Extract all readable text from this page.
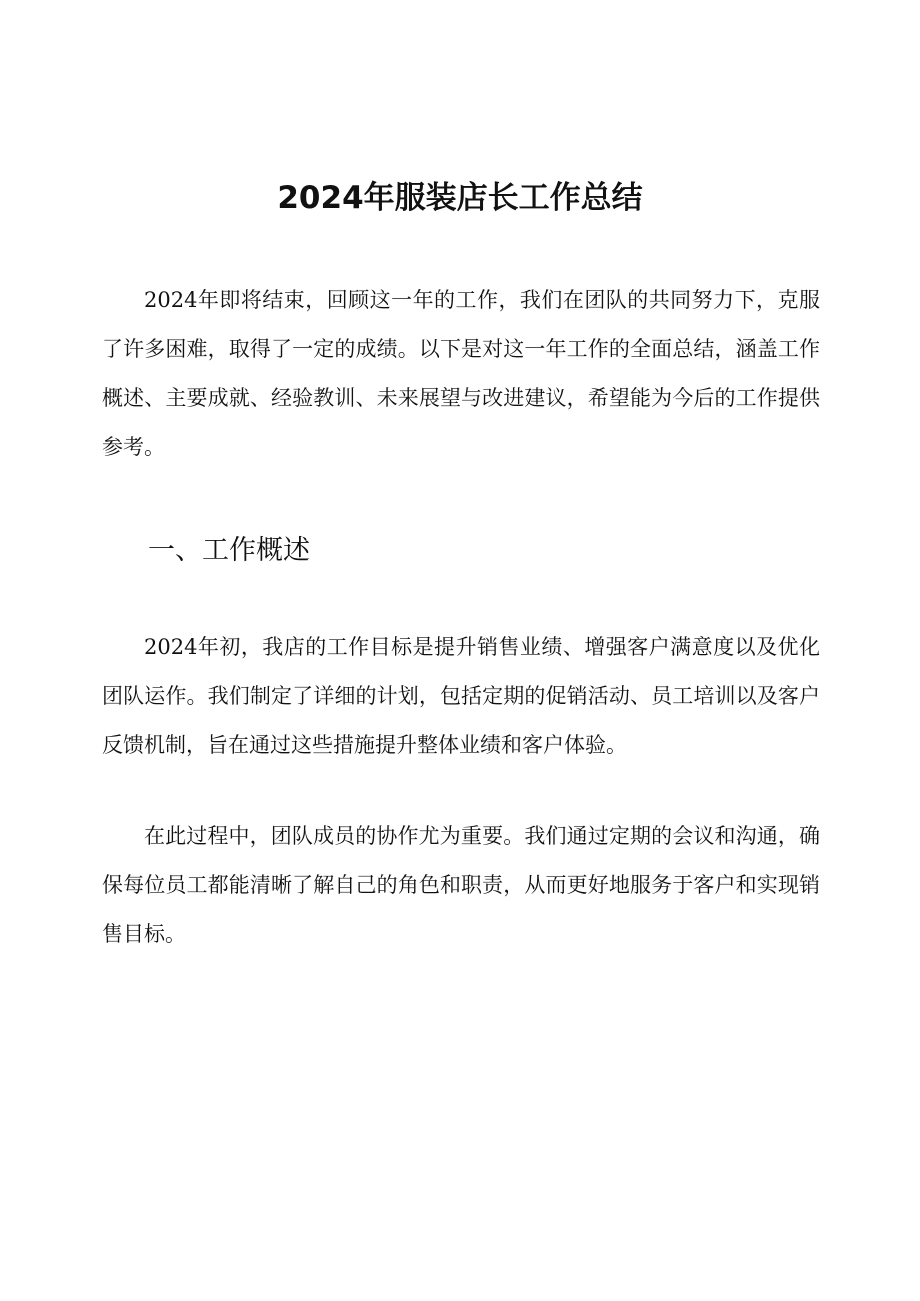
2024年服装店长工作总结

2024年即将结束，回顾这一年的工作，我们在团队的共同努力下，克服了许多困难，取得了一定的成绩。以下是对这一年工作的全面总结，涵盖工作概述、主要成就、经验教训、未来展望与改进建议，希望能为今后的工作提供参考。

一、工作概述

2024年初，我店的工作目标是提升销售业绩、增强客户满意度以及优化团队运作。我们制定了详细的计划，包括定期的促销活动、员工培训以及客户反馈机制，旨在通过这些措施提升整体业绩和客户体验。

在此过程中，团队成员的协作尤为重要。我们通过定期的会议和沟通，确保每位员工都能清晰了解自己的角色和职责，从而更好地服务于客户和实现销售目标。
